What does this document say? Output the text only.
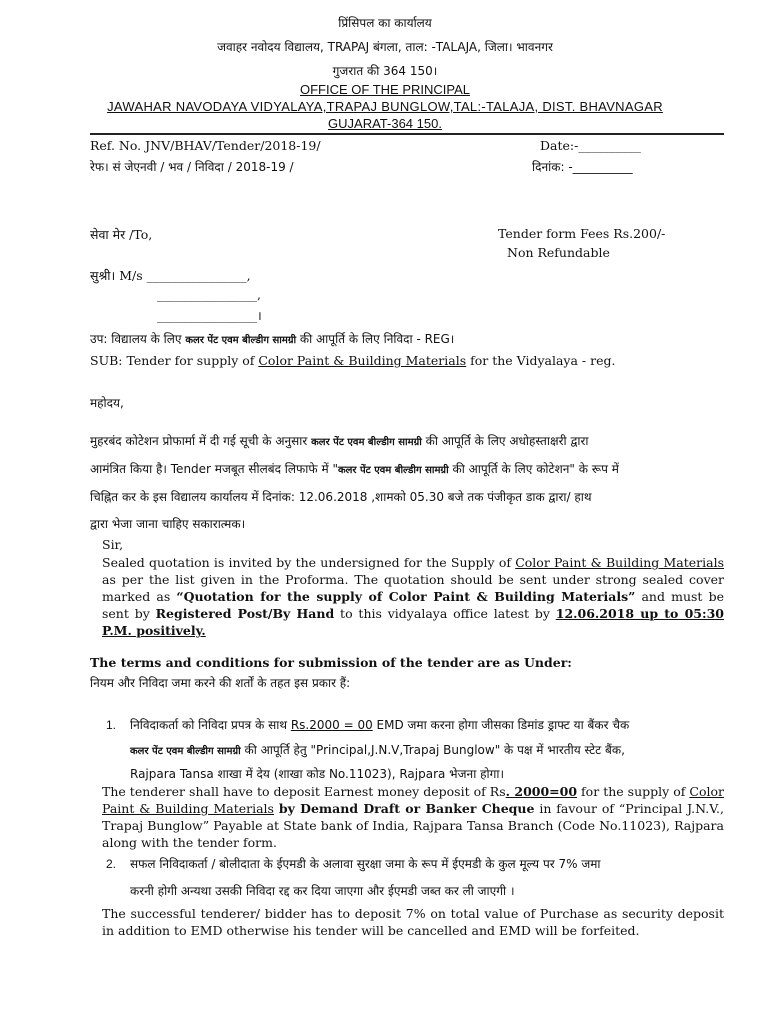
प्रिंसिपल का कार्यालय
जवाहर नवोदय विद्यालय, TRAPAJ बंगला, ताल: -TALAJA, जिला। भावनगर
गुजरात की 364 150।
OFFICE OF THE PRINCIPAL
JAWAHAR NAVODAYA VIDYALAYA,TRAPAJ BUNGLOW,TAL:-TALAJA, DIST. BHAVNAGAR
GUJARAT-364 150.
Ref. No. JNV/BHAV/Tender/2018-19/	Date:-__________
रेफ। सं जेएनवी / भव / निविदा / 2018-19 /	दिनांक: -__________
सेवा मेर /To,	Tender form Fees Rs.200/-
Non Refundable
सुश्री। M/s ________________,
________________,
________________।
उप: विद्यालय के लिए कलर पेंट एवम बील्डीग सामग्री की आपूर्ति के लिए निविदा - REG।
SUB: Tender for supply of Color Paint & Building Materials for the Vidyalaya - reg.
महोदय,
मुहरबंद कोटेशन प्रोफार्मा में दी गई सूची के अनुसार कलर पेंट एवम बील्डीग सामग्री की आपूर्ति के लिए अधोहस्ताक्षरी द्वारा
आमंत्रित किया है। Tender मजबूत सीलबंद लिफाफे में "कलर पेंट एवम बील्डीग सामग्री की आपूर्ति के लिए कोटेशन" के रूप में
चिह्नित कर के इस विद्यालय कार्यालय में दिनांक: 12.06.2018 ,शामको 05.30 बजे तक पंजीकृत डाक द्वारा/ हाथ
द्वारा भेजा जाना चाहिए सकारात्मक।
Sir,

Sealed quotation is invited by the undersigned for the Supply of Color Paint & Building Materials as per the list given in the Proforma. The quotation should be sent under strong sealed cover marked as “Quotation for the supply of Color Paint & Building Materials” and must be sent by Registered Post/By Hand to this vidyalaya office latest by 12.06.2018 up to 05:30 P.M. positively.

The terms and conditions for submission of the tender are as Under:
नियम और निविदा जमा करने की शर्तों के तहत इस प्रकार हैं:
1. निविदाकर्ता को निविदा प्रपत्र के साथ Rs.2000 = 00 EMD जमा करना होगा जीसका डिमांड ड्राफ्ट या बैंकर चैक
कलर पेंट एवम बील्डीग सामग्री की आपूर्ति हेतु "Principal,J.N.V,Trapaj Bunglow" के पक्ष में भारतीय स्टेट बैंक,
Rajpara Tansa शाखा में देय (शाखा कोड No.11023), Rajpara भेजना होगा।

The tenderer shall have to deposit Earnest money deposit of Rs. 2000=00 for the supply of Color Paint & Building Materials by Demand Draft or Banker Cheque in favour of “Principal J.N.V., Trapaj Bunglow” Payable at State bank of India, Rajpara Tansa Branch (Code No.11023), Rajpara along with the tender form.

2. सफल निविदाकर्ता / बोलीदाता के ईएमडी के अलावा सुरक्षा जमा के रूप में ईएमडी के कुल मूल्य पर 7% जमा
करनी होगी अन्यथा उसकी निविदा रद्द कर दिया जाएगा और ईएमडी जब्त कर ली जाएगी ।

The successful tenderer/ bidder has to deposit 7% on total value of Purchase as security deposit in addition to EMD otherwise his tender will be cancelled and EMD will be forfeited.
